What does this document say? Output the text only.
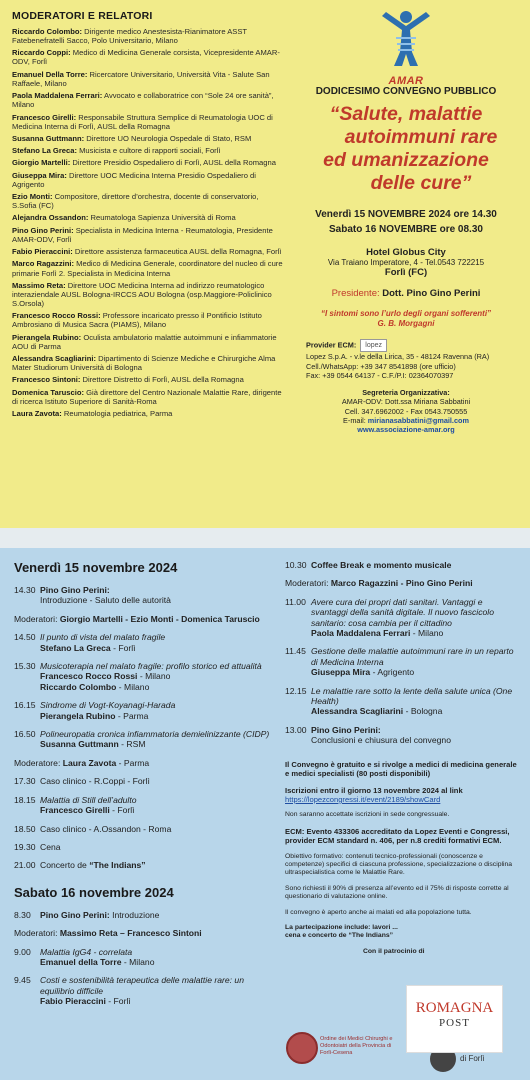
MODERATORI E RELATORI
Riccardo Colombo: Dirigente medico Anestesista-Rianimatore ASST Fatebenefratelli Sacco, Polo Universitario, Milano
Riccardo Coppi: Medico di Medicina Generale corsista, Vicepresidente AMAR-ODV, Forlì
Emanuel Della Torre: Ricercatore Universitario, Università Vita - Salute San Raffaele, Milano
Paola Maddalena Ferrari: Avvocato e collaboratrice con “Sole 24 ore sanità”, Milano
Francesco Girelli: Responsabile Struttura Semplice di Reumatologia UOC di Medicina Interna di Forlì, AUSL della Romagna
Susanna Guttmann: Direttore UO Neurologia Ospedale di Stato, RSM
Stefano La Greca: Musicista e cultore di rapporti sociali, Forlì
Giorgio Martelli: Direttore Presidio Ospedaliero di Forlì, AUSL della Romagna
Giuseppa Mira: Direttore UOC Medicina Interna Presidio Ospedaliero di Agrigento
Ezio Monti: Compositore, direttore d’orchestra, docente di conservatorio, S.Sofia (FC)
Alejandra Ossandon: Reumatologa Sapienza Università di Roma
Pino Gino Perini: Specialista in Medicina Interna - Reumatologia, Presidente AMAR-ODV, Forlì
Fabio Pieraccini: Direttore assistenza farmaceutica AUSL della Romagna, Forlì
Marco Ragazzini: Medico di Medicina Generale, coordinatore del nucleo di cure primarie Forlì 2. Specialista in Medicina Interna
Massimo Reta: Direttore UOC Medicina Interna ad indirizzo reumatologico interaziendale AUSL Bologna-IRCCS AOU Bologna (osp.Maggiore-Policlinico S.Orsola)
Francesco Rocco Rossi: Professore incaricato presso il Pontificio Istituto Ambrosiano di Musica Sacra (PIAMS), Milano
Pierangela Rubino: Oculista ambulatorio malattie autoimmuni e infiammatorie AOU di Parma
Alessandra Scagliarini: Dipartimento di Scienze Mediche e Chirurgiche Alma Mater Studiorum Università di Bologna
Francesco Sintoni: Direttore Distretto di Forlì, AUSL della Romagna
Domenica Taruscio: Già direttore del Centro Nazionale Malattie Rare, dirigente di ricerca Istituto Superiore di Sanità-Roma
Laura Zavota: Reumatologia pediatrica, Parma
AMAR
DODICESIMO CONVEGNO PUBBLICO
“Salute, malattie
autoimmuni rare
ed umanizzazione
delle cure”
Venerdì 15 NOVEMBRE 2024 ore 14.30
Sabato 16 NOVEMBRE ore 08.30
Hotel Globus City
Via Traiano Imperatore, 4 - Tel.0543 722215
Forlì (FC)
Presidente: Dott. Pino Gino Perini
“I sintomi sono l’urlo degli organi sofferenti”
G. B. Morgagni
Provider ECM: lopez
Lopez S.p.A. - v.le della Lirica, 35 - 48124 Ravenna (RA)
Cell./WhatsApp: +39 347 8541898 (ore ufficio)
Fax: +39 0544 64137 - C.F./P.I: 02364070397
Segreteria Organizzativa:
AMAR-ODV: Dott.ssa Miriana Sabbatini
Cell. 347.6962002 - Fax 0543.750555
E-mail: mirianasabbatini@gmail.com
www.associazione-amar.org
Venerdì 15 novembre 2024
14.30 Pino Gino Perini:
Introduzione - Saluto delle autorità
Moderatori: Giorgio Martelli - Ezio Monti - Domenica Taruscio
14.50 Il punto di vista del malato fragile
Stefano La Greca - Forlì
15.30 Musicoterapia nel malato fragile: profilo storico ed attualità
Francesco Rocco Rossi - Milano
Riccardo Colombo - Milano
16.15 Sindrome di Vogt-Koyanagi-Harada
Pierangela Rubino - Parma
16.50 Polineuropatia cronica infiammatoria demielinizzante (CIDP)
Susanna Guttmann - RSM
Moderatore: Laura Zavota - Parma
17.30 Caso clinico - R.Coppi - Forlì
18.15 Malattia di Still dell’adulto
Francesco Girelli - Forlì
18.50 Caso clinico - A.Ossandon - Roma
19.30 Cena
21.00 Concerto de “The Indians”
Sabato 16 novembre 2024
8.30	Pino Gino Perini: Introduzione
Moderatori: Massimo Reta – Francesco Sintoni
9.00	Malattia IgG4 - correlata
Emanuel della Torre - Milano
9.45	Costi e sostenibilità terapeutica delle malattie rare: un equilibrio difficile
Fabio Pieraccini - Forlì
10.30 Coffee Break e momento musicale
Moderatori: Marco Ragazzini - Pino Gino Perini
11.00 Avere cura dei propri dati sanitari. Vantaggi e svantaggi della sanità digitale. Il nuovo fascicolo sanitario: cosa cambia per il cittadino
Paola Maddalena Ferrari - Milano
11.45 Gestione delle malattie autoimmuni rare in un reparto di Medicina Interna
Giuseppa Mira - Agrigento
12.15 Le malattie rare sotto la lente della salute unica (One Health)
Alessandra Scagliarini - Bologna
13.00 Pino Gino Perini:
Conclusioni e chiusura del convegno
Il Convegno è gratuito e si rivolge a medici di medicina generale e medici specialisti (80 posti disponibili)
Iscrizioni entro il giorno 13 novembre 2024 al link
https://lopezcongressi.it/event/2189/showCard
Non saranno accettate iscrizioni in sede congressuale.
ECM: Evento 433306 accreditato da Lopez Eventi e Congressi, provider ECM standard n. 406, per n.8 crediti formativi ECM.
Obiettivo formativo: contenuti tecnico-professionali (conoscenze e competenze) specifici di ciascuna professione, specializzazione o disciplina ultraspecialistica come le Malattie Rare.
Sono richiesti il 90% di presenza all’evento ed il 75% di risposte corrette al questionario di valutazione online.
Il convegno è aperto anche ai malati ed alla popolazione tutta.
La partecipazione include: lavori ... cena e concerto de “The Indians”
Con il patrocinio di
Ordine dei Medici Chirurghi e Odontoiatri della Provincia di Forlì-Cesena
di Forlì
ROMAGNA
POST
